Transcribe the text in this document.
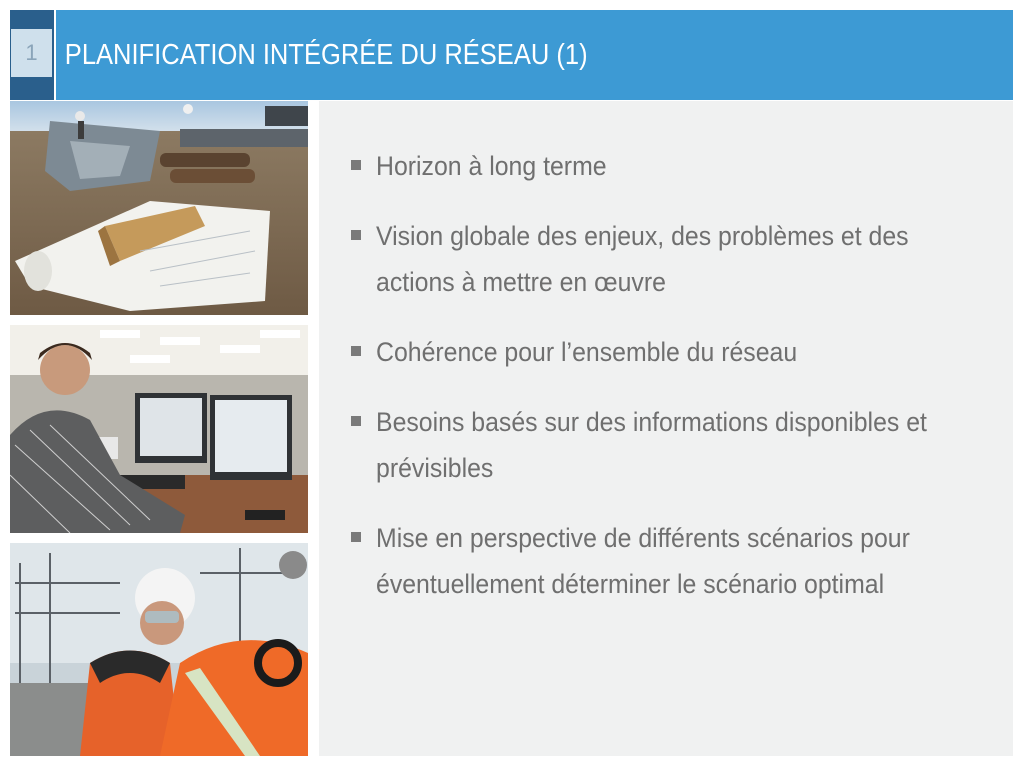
1 PLANIFICATION INTÉGRÉE DU RÉSEAU (1)
Horizon à long terme
Vision globale des enjeux, des problèmes et des actions à mettre en œuvre
Cohérence pour l’ensemble du réseau
Besoins basés sur des informations disponibles et prévisibles
Mise en perspective de différents scénarios pour éventuellement déterminer le scénario optimal
